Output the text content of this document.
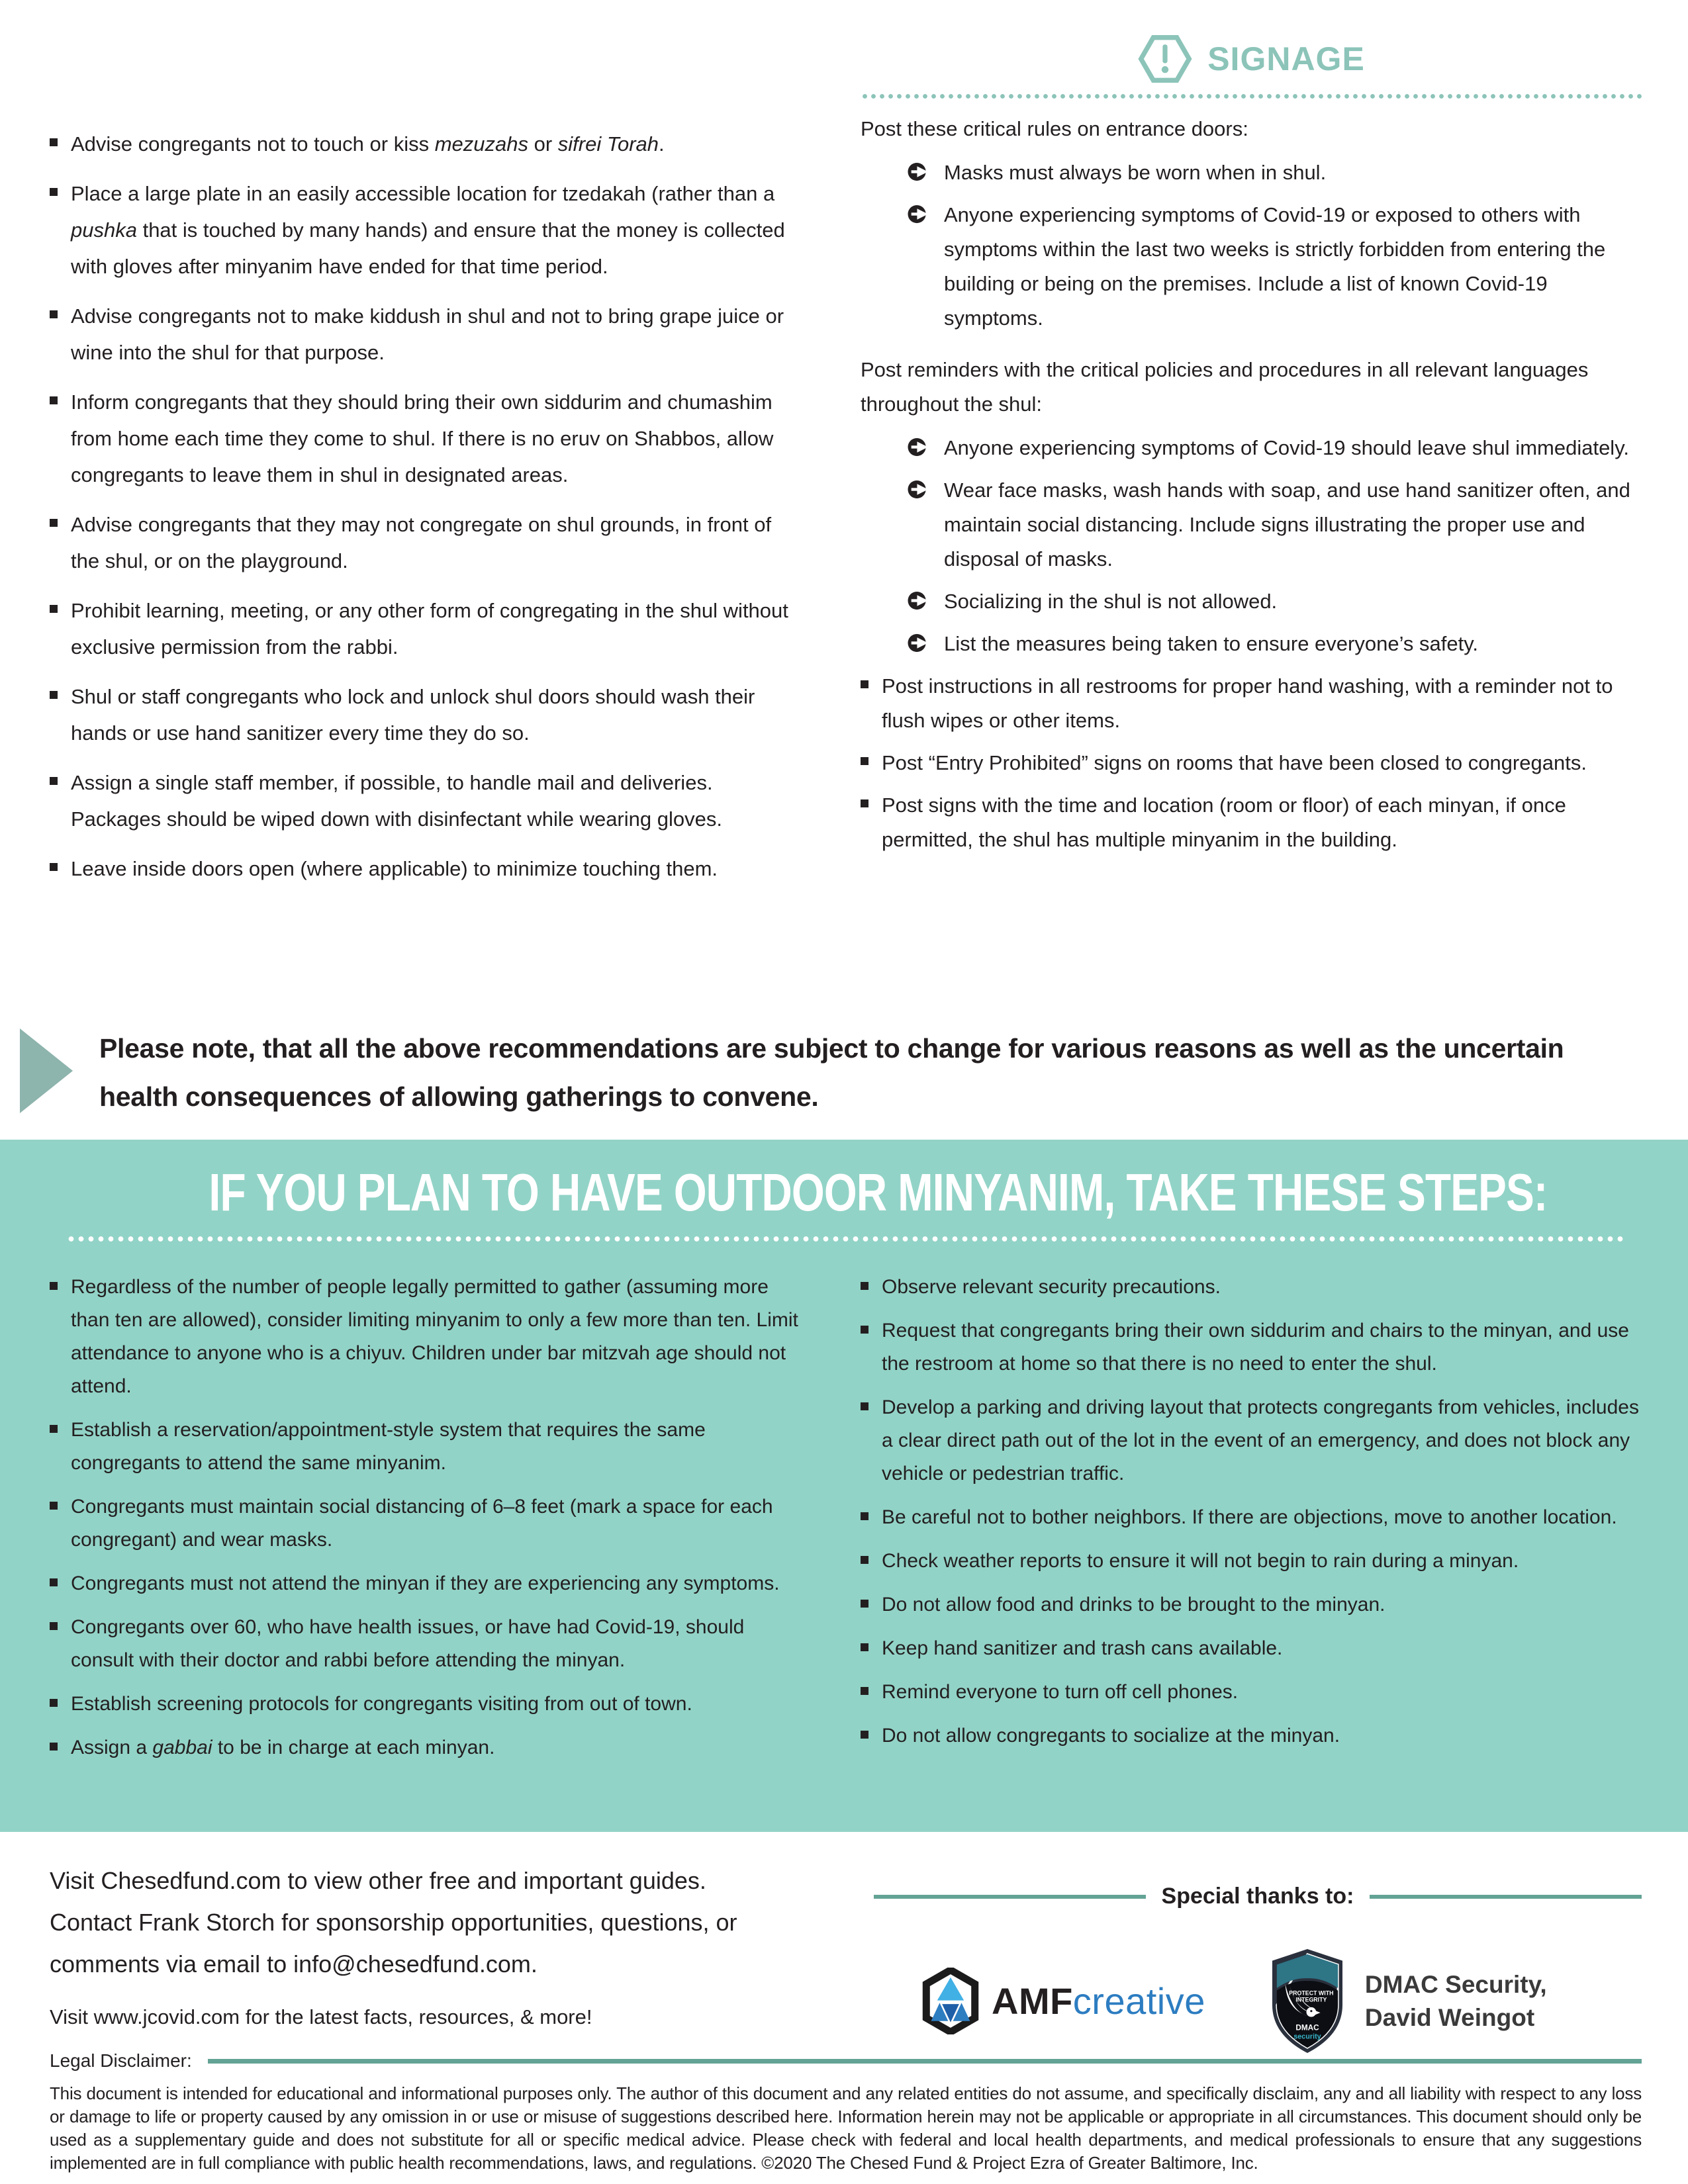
Advise congregants not to touch or kiss mezuzahs or sifrei Torah.
Place a large plate in an easily accessible location for tzedakah (rather than a pushka that is touched by many hands) and ensure that the money is collected with gloves after minyanim have ended for that time period.
Advise congregants not to make kiddush in shul and not to bring grape juice or wine into the shul for that purpose.
Inform congregants that they should bring their own siddurim and chumashim from home each time they come to shul. If there is no eruv on Shabbos, allow congregants to leave them in shul in designated areas.
Advise congregants that they may not congregate on shul grounds, in front of the shul, or on the playground.
Prohibit learning, meeting, or any other form of congregating in the shul without exclusive permission from the rabbi.
Shul or staff congregants who lock and unlock shul doors should wash their hands or use hand sanitizer every time they do so.
Assign a single staff member, if possible, to handle mail and deliveries. Packages should be wiped down with disinfectant while wearing gloves.
Leave inside doors open (where applicable) to minimize touching them.
SIGNAGE

Post these critical rules on entrance doors:

Masks must always be worn when in shul.
Anyone experiencing symptoms of Covid-19 or exposed to others with symptoms within the last two weeks is strictly forbidden from entering the building or being on the premises. Include a list of known Covid-19 symptoms.

Post reminders with the critical policies and procedures in all relevant languages throughout the shul:

Anyone experiencing symptoms of Covid-19 should leave shul immediately.
Wear face masks, wash hands with soap, and use hand sanitizer often, and maintain social distancing. Include signs illustrating the proper use and disposal of masks.
Socializing in the shul is not allowed.
List the measures being taken to ensure everyone’s safety.
Post instructions in all restrooms for proper hand washing, with a reminder not to flush wipes or other items.
Post “Entry Prohibited” signs on rooms that have been closed to congregants.
Post signs with the time and location (room or floor) of each minyan, if once permitted, the shul has multiple minyanim in the building.
Please note, that all the above recommendations are subject to change for various reasons as well as the uncertain health consequences of allowing gatherings to convene.
IF YOU PLAN TO HAVE OUTDOOR MINYANIM, TAKE THESE STEPS:
Regardless of the number of people legally permitted to gather (assuming more than ten are allowed), consider limiting minyanim to only a few more than ten. Limit attendance to anyone who is a chiyuv. Children under bar mitzvah age should not attend.
Establish a reservation/appointment-style system that requires the same congregants to attend the same minyanim.
Congregants must maintain social distancing of 6–8 feet (mark a space for each congregant) and wear masks.
Congregants must not attend the minyan if they are experiencing any symptoms.
Congregants over 60, who have health issues, or have had Covid-19, should consult with their doctor and rabbi before attending the minyan.
Establish screening protocols for congregants visiting from out of town.
Assign a gabbai to be in charge at each minyan.
Observe relevant security precautions.
Request that congregants bring their own siddurim and chairs to the minyan, and use the restroom at home so that there is no need to enter the shul.
Develop a parking and driving layout that protects congregants from vehicles, includes a clear direct path out of the lot in the event of an emergency, and does not block any vehicle or pedestrian traffic.
Be careful not to bother neighbors. If there are objections, move to another location.
Check weather reports to ensure it will not begin to rain during a minyan.
Do not allow food and drinks to be brought to the minyan.
Keep hand sanitizer and trash cans available.
Remind everyone to turn off cell phones.
Do not allow congregants to socialize at the minyan.

Visit Chesedfund.com to view other free and important guides.

Contact Frank Storch for sponsorship opportunities, questions, or comments via email to info@chesedfund.com.

Visit www.jcovid.com for the latest facts, resources, & more!

Special thanks to:
AMFcreative	PROTECT WITH
INTEGRITY
DMAC
security
DMAC Security,
David Weingot
Legal Disclaimer:

This document is intended for educational and informational purposes only. The author of this document and any related entities do not assume, and specifically disclaim, any and all liability with respect to any loss or damage to life or property caused by any omission in or use or misuse of suggestions described here. Information herein may not be applicable or appropriate in all circumstances. This document should only be used as a supplementary guide and does not substitute for all or specific medical advice. Please check with federal and local health departments, and medical professionals to ensure that any suggestions implemented are in full compliance with public health recommendations, laws, and regulations. ©2020 The Chesed Fund & Project Ezra of Greater Baltimore, Inc.
